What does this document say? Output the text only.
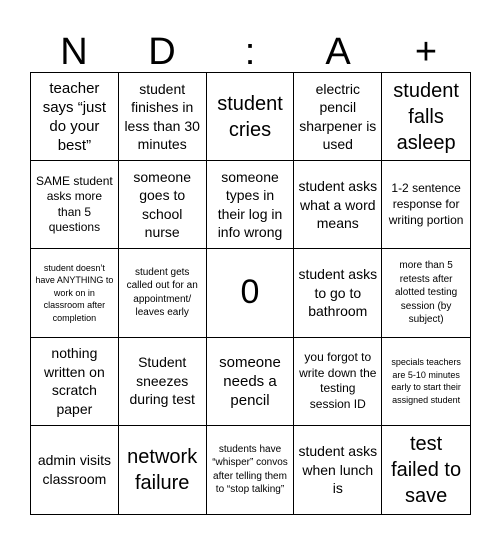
N	D	:	A	+
teacher says “just do your best”
student finishes in less than 30 minutes
student cries
electric pencil sharpener is used
student falls asleep
SAME student asks more than 5 questions
someone goes to school nurse
someone types in their log in info wrong
student asks what a word means
1-2 sentence response for writing portion
student doesn’t have ANYTHING to work on in classroom after completion
student gets called out for an appointment/ leaves early
0	student asks to go to bathroom
more than 5 retests after alotted testing session (by subject)
nothing written on scratch paper
Student sneezes during test
someone needs a pencil
you forgot to write down the testing session ID
specials teachers are 5-10 minutes early to start their assigned student
admin visits classroom
network failure
students have “whisper” convos after telling them to “stop talking”
student asks when lunch is
test failed to save
